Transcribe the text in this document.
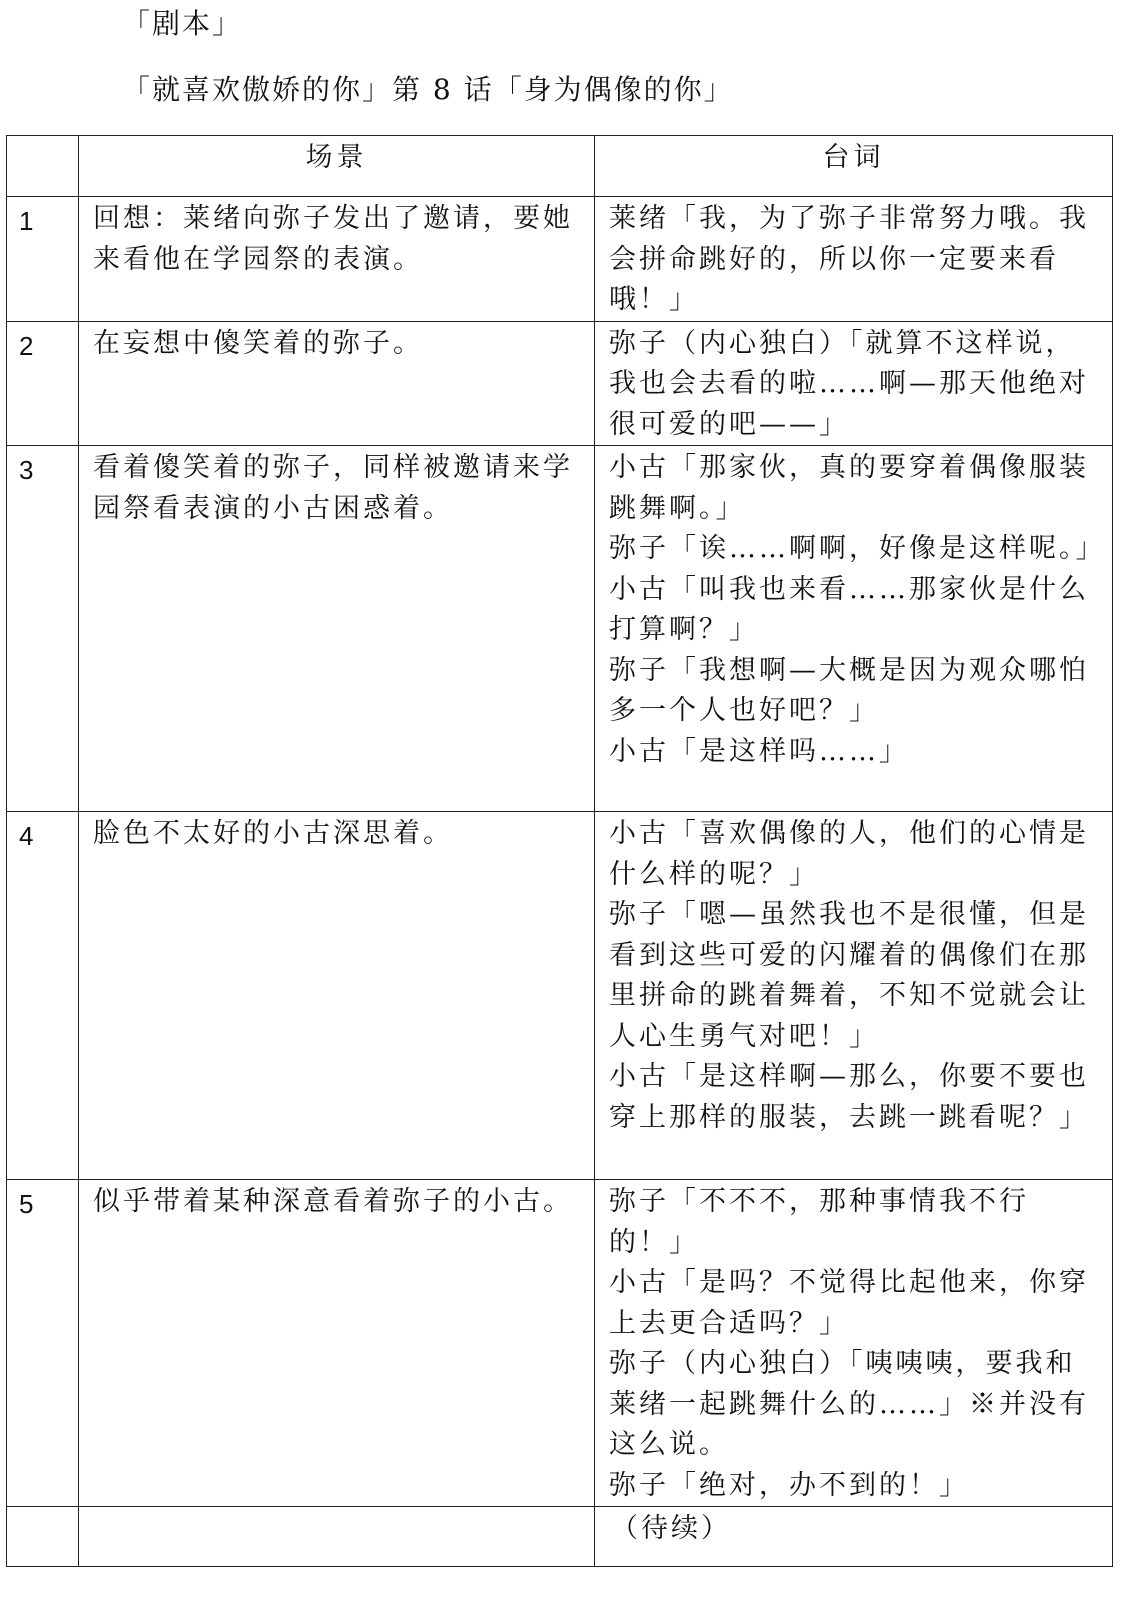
「剧本」
「就喜欢傲娇的你」第 8 话「身为偶像的你」
	场景	台词
1	回想：莱绪向弥子发出了邀请，要她来看他在学园祭的表演。	莱绪「我，为了弥子非常努力哦。我会拼命跳好的，所以你一定要来看哦！」

2	在妄想中傻笑着的弥子。	弥子（内心独白）「就算不这样说，我也会去看的啦……啊—那天他绝对很可爱的吧——」

3	看着傻笑着的弥子，同样被邀请来学园祭看表演的小古困惑着。	小古「那家伙，真的要穿着偶像服装跳舞啊。」
弥子「诶……啊啊，好像是这样呢。」
小古「叫我也来看……那家伙是什么打算啊？」
弥子「我想啊—大概是因为观众哪怕多一个人也好吧？」
小古「是这样吗……」

4	脸色不太好的小古深思着。	小古「喜欢偶像的人，他们的心情是什么样的呢？」
弥子「嗯—虽然我也不是很懂，但是看到这些可爱的闪耀着的偶像们在那里拼命的跳着舞着，不知不觉就会让人心生勇气对吧！」
小古「是这样啊—那么，你要不要也穿上那样的服装，去跳一跳看呢？」

5	似乎带着某种深意看着弥子的小古。	弥子「不不不，那种事情我不行的！」
小古「是吗？不觉得比起他来，你穿上去更合适吗？」
弥子（内心独白）「咦咦咦，要我和莱绪一起跳舞什么的……」※并没有这么说。
弥子「绝对，办不到的！」

		（待续）
